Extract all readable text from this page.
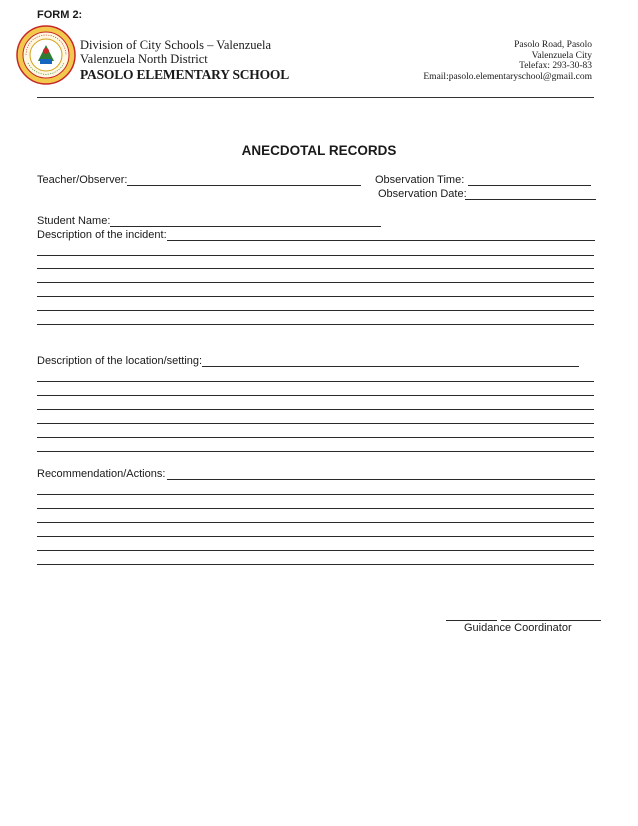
FORM 2:
Division of City Schools – Valenzuela
Valenzuela North District
PASOLO ELEMENTARY SCHOOL
Pasolo Road, Pasolo
Valenzuela City
Telefax: 293-30-83
Email:pasolo.elementaryschool@gmail.com
ANECDOTAL RECORDS
Teacher/Observer:	Observation Time:
Observation Date:
Student Name:
Description of the incident:
Description of the location/setting:
Recommendation/Actions:
Guidance Coordinator
